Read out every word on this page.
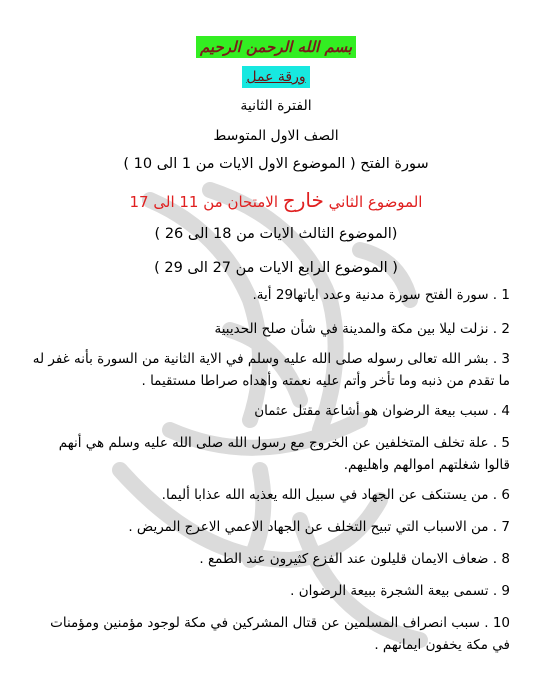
بسم الله الرحمن الرحيم
ورقة عمل
الفترة الثانية
الصف الاول المتوسط
سورة الفتح ( الموضوع الاول الايات من 1 الى 10 )
الموضوع الثاني خارج الامتحان من 11 الى 17
(الموضوع الثالث الايات من 18 الى 26 )
( الموضوع الرابع الايات من 27 الى 29 )
1 . سورة الفتح سورة مدنية وعدد اياتها29 أية.
2 . نزلت ليلا بين مكة والمدينة في شأن صلح الحديبية
3 . بشر الله تعالى رسوله صلى الله عليه وسلم في الاية الثانية من السورة بأنه غفر له ما تقدم من ذنبه وما تأخر وأتم عليه نعمته وأهداه صراطا مستقيما .
4 . سبب بيعة الرضوان هو أشاعة مقتل عثمان
5 . علة تخلف المتخلفين عن الخروج مع رسول الله صلى الله عليه وسلم هي أنهم قالوا شغلتهم اموالهم واهليهم.
6 . من يستنكف عن الجهاد في سبيل الله يعذبه الله عذابا أليما.
7 . من الاسباب التي تبيح التخلف عن الجهاد الاعمي الاعرج المريض .
8 . ضعاف الايمان قليلون عند الفزع كثيرون عند الطمع .
9 . تسمى بيعة الشجرة ببيعة الرضوان .
10 . سبب انصراف المسلمين عن قتال المشركين في مكة لوجود مؤمنين ومؤمنات في مكة يخفون ايمانهم .
